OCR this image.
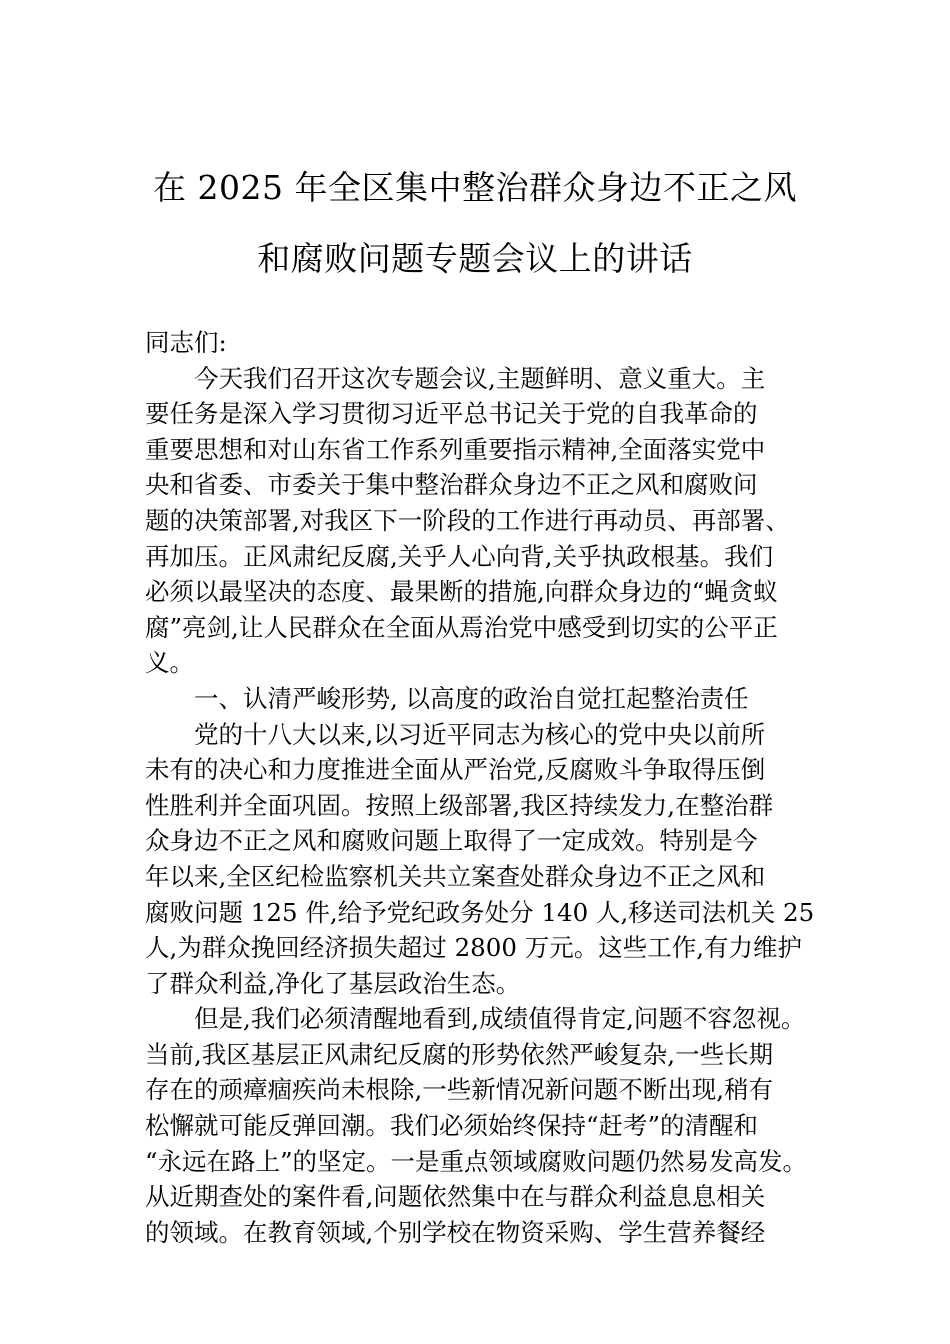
在 2025 年全区集中整治群众身边不正之风
和腐败问题专题会议上的讲话
同志们:
今天我们召开这次专题会议,主题鲜明、意义重大。主
要任务是深入学习贯彻习近平总书记关于党的自我革命的
重要思想和对山东省工作系列重要指示精神,全面落实党中
央和省委、市委关于集中整治群众身边不正之风和腐败问
题的决策部署,对我区下一阶段的工作进行再动员、再部署、
再加压。正风肃纪反腐,关乎人心向背,关乎执政根基。我们
必须以最坚决的态度、最果断的措施,向群众身边的“蝇贪蚁
腐”亮剑,让人民群众在全面从焉治党中感受到切实的公平正
义。
一、认清严峻形势, 以高度的政治自觉扛起整治责任
党的十八大以来,以习近平同志为核心的党中央以前所
未有的决心和力度推进全面从严治党,反腐败斗争取得压倒
性胜利并全面巩固。按照上级部署,我区持续发力,在整治群
众身边不正之风和腐败问题上取得了一定成效。特别是今
年以来,全区纪检监察机关共立案查处群众身边不正之风和
腐败问题 125 件,给予党纪政务处分 140 人,移送司法机关 25
人,为群众挽回经济损失超过 2800 万元。这些工作,有力维护
了群众利益,净化了基层政治生态。
但是,我们必须清醒地看到,成绩值得肯定,问题不容忽视。
当前,我区基层正风肃纪反腐的形势依然严峻复杂,一些长期
存在的顽瘴痼疾尚未根除,一些新情况新问题不断出现,稍有
松懈就可能反弹回潮。我们必须始终保持“赶考”的清醒和
“永远在路上”的坚定。一是重点领域腐败问题仍然易发高发。
从近期查处的案件看,问题依然集中在与群众利益息息相关
的领域。在教育领域,个别学校在物资采购、学生营养餐经
